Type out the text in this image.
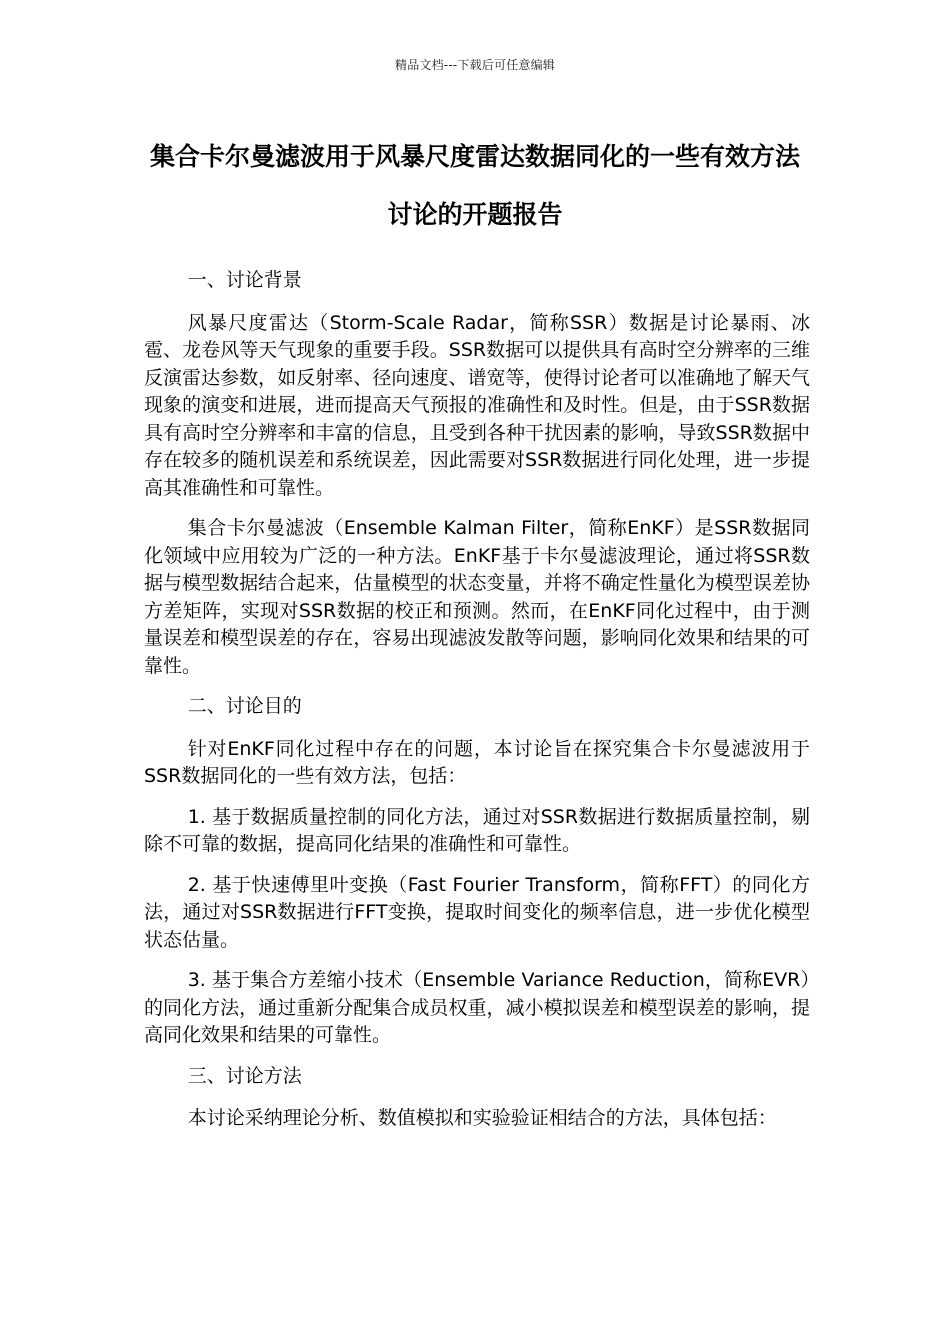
精品文档---下载后可任意编辑
集合卡尔曼滤波用于风暴尺度雷达数据同化的一些有效方法讨论的开题报告

一、讨论背景

风暴尺度雷达（Storm-Scale Radar，简称SSR）数据是讨论暴雨、冰雹、龙卷风等天气现象的重要手段。SSR数据可以提供具有高时空分辨率的三维反演雷达参数，如反射率、径向速度、谱宽等，使得讨论者可以准确地了解天气现象的演变和进展，进而提高天气预报的准确性和及时性。但是，由于SSR数据具有高时空分辨率和丰富的信息，且受到各种干扰因素的影响，导致SSR数据中存在较多的随机误差和系统误差，因此需要对SSR数据进行同化处理，进一步提高其准确性和可靠性。

集合卡尔曼滤波（Ensemble Kalman Filter，简称EnKF）是SSR数据同化领域中应用较为广泛的一种方法。EnKF基于卡尔曼滤波理论，通过将SSR数据与模型数据结合起来，估量模型的状态变量，并将不确定性量化为模型误差协方差矩阵，实现对SSR数据的校正和预测。然而，在EnKF同化过程中，由于测量误差和模型误差的存在，容易出现滤波发散等问题，影响同化效果和结果的可靠性。

二、讨论目的

针对EnKF同化过程中存在的问题，本讨论旨在探究集合卡尔曼滤波用于SSR数据同化的一些有效方法，包括：

1. 基于数据质量控制的同化方法，通过对SSR数据进行数据质量控制，剔除不可靠的数据，提高同化结果的准确性和可靠性。

2. 基于快速傅里叶变换（Fast Fourier Transform，简称FFT）的同化方法，通过对SSR数据进行FFT变换，提取时间变化的频率信息，进一步优化模型状态估量。

3. 基于集合方差缩小技术（Ensemble Variance Reduction，简称EVR）的同化方法，通过重新分配集合成员权重，减小模拟误差和模型误差的影响，提高同化效果和结果的可靠性。

三、讨论方法

本讨论采纳理论分析、数值模拟和实验验证相结合的方法，具体包括：
